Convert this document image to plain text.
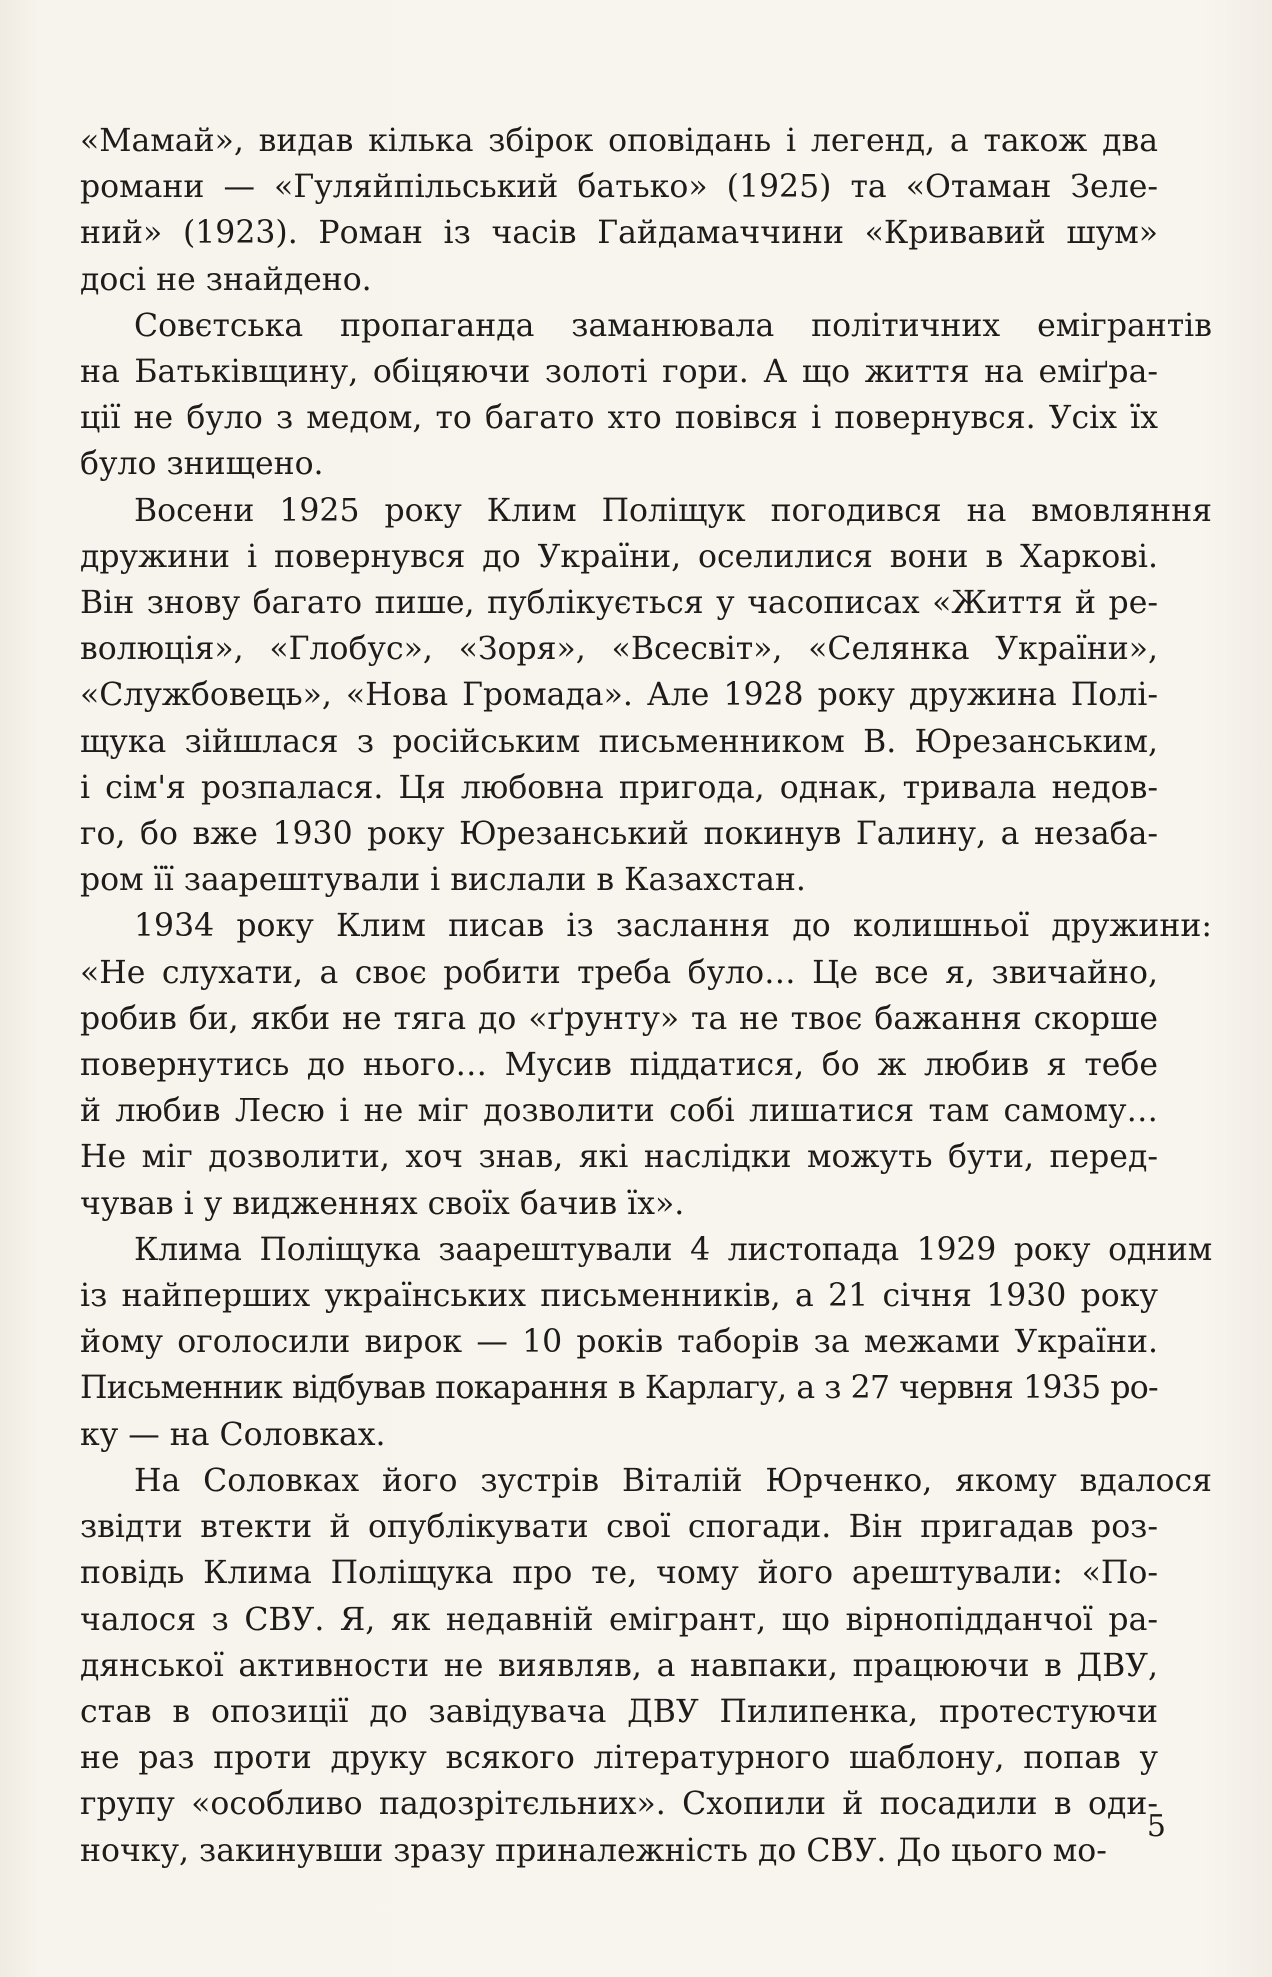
«Мамай», видав кілька збірок оповідань і легенд, а також два
романи — «Гуляйпільський батько» (1925) та «Отаман Зеле-
ний» (1923). Роман із часів Гайдамаччини «Кривавий шум»
досі не знайдено.
Совєтська пропаганда заманювала політичних емігрантів
на Батьківщину, обіцяючи золоті гори. А що життя на еміґра-
ції не було з медом, то багато хто повівся і повернувся. Усіх їх
було знищено.
Восени 1925 року Клим Поліщук погодився на вмовляння
дружини і повернувся до України, оселилися вони в Харкові.
Він знову багато пише, публікується у часописах «Життя й ре-
волюція», «Глобус», «Зоря», «Всесвіт», «Селянка України»,
«Службовець», «Нова Громада». Але 1928 року дружина Полі-
щука зійшлася з російським письменником В. Юрезанським,
і сім'я розпалася. Ця любовна пригода, однак, тривала недов-
го, бо вже 1930 року Юрезанський покинув Галину, а незаба-
ром її заарештували і вислали в Казахстан.
1934 року Клим писав із заслання до колишньої дружини:
«Не слухати, а своє робити треба було… Це все я, звичайно,
робив би, якби не тяга до «ґрунту» та не твоє бажання скорше
повернутись до нього… Мусив піддатися, бо ж любив я тебе
й любив Лесю і не міг дозволити собі лишатися там самому…
Не міг дозволити, хоч знав, які наслідки можуть бути, перед-
чував і у видженнях своїх бачив їх».
Клима Поліщука заарештували 4 листопада 1929 року одним
із найперших українських письменників, а 21 січня 1930 року
йому оголосили вирок — 10 років таборів за межами України.
Письменник відбував покарання в Карлагу, а з 27 червня 1935 ро-
ку — на Соловках.
На Соловках його зустрів Віталій Юрченко, якому вдалося
звідти втекти й опублікувати свої спогади. Він пригадав роз-
повідь Клима Поліщука про те, чому його арештували: «По-
чалося з СВУ. Я, як недавній емігрант, що вірнопідданчої ра-
дянської активности не виявляв, а навпаки, працюючи в ДВУ,
став в опозиції до завідувача ДВУ Пилипенка, протестуючи
не раз проти друку всякого літературного шаблону, попав у
групу «особливо падозрітєльних». Схопили й посадили в оди-
ночку, закинувши зразу приналежність до СВУ. До цього мо-
5
